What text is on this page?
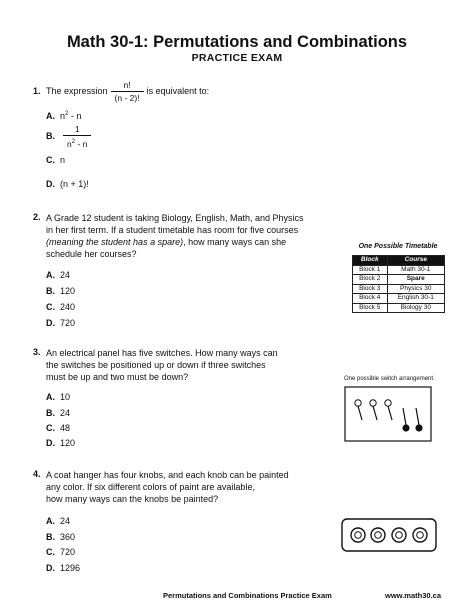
Math 30-1: Permutations and Combinations
PRACTICE EXAM
1. The expression $\frac{n!}{(n - 2)!}$ is equivalent to:
A. $n^2$ - n
B. $\frac{1}{n^2 - n}$
C. n
D. (n + 1)!
2. A Grade 12 student is taking Biology, English, Math, and Physics
in her first term. If a student timetable has room for five courses
(meaning the student has a spare), how many ways can she
schedule her courses?
A. 24
B. 120
C. 240
D. 720
One Possible Timetable
Block	Course
Block 1	Math 30-1
Block 2	Spare
Block 3	Physics 30
Block 4	English 30-1
Block 5	Biology 30
3. An electrical panel has five switches. How many ways can
the switches be positioned up or down if three switches
must be up and two must be down?
A. 10
B. 24
C. 48
D. 120
One possible switch arrangement.
4. A coat hanger has four knobs, and each knob can be painted
any color. If six different colors of paint are available,
how many ways can the knobs be painted?
A. 24
B. 360
C. 720
D. 1296
Permutations and Combinations Practice Exam	www.math30.ca
